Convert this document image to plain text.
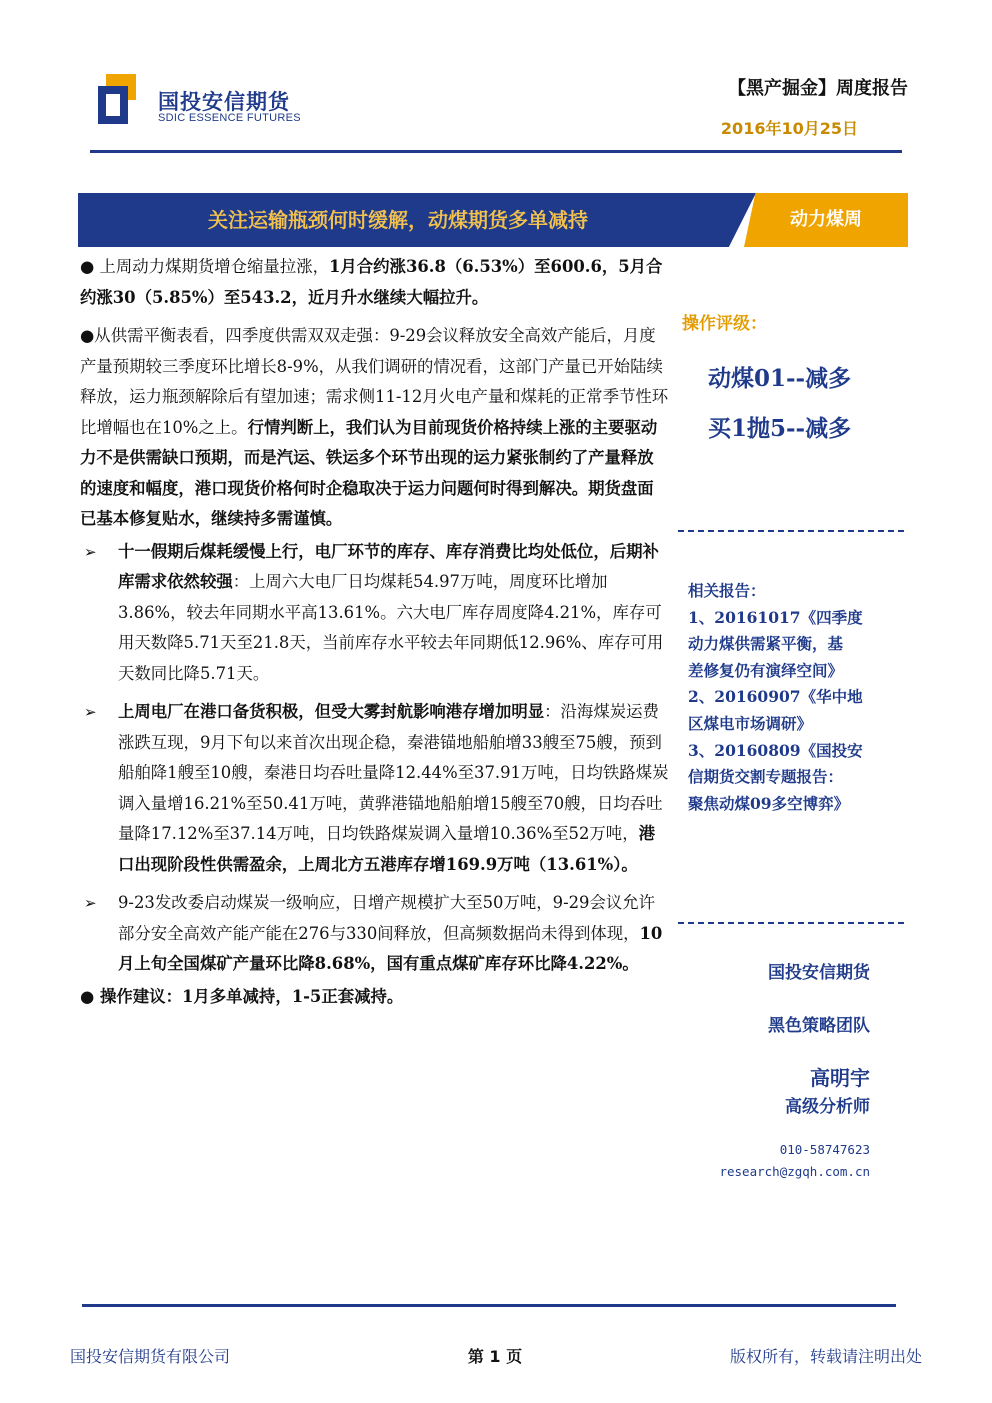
国投安信期货
SDIC ESSENCE FUTURES
【黑产掘金】周度报告
2016年10月25日
关注运输瓶颈何时缓解，动煤期货多单减持	动力煤周

● 上周动力煤期货增仓缩量拉涨，1月合约涨36.8（6.53%）至600.6，5月合约涨30（5.85%）至543.2，近月升水继续大幅拉升。

●从供需平衡表看，四季度供需双双走强：9-29会议释放安全高效产能后，月度产量预期较三季度环比增长8-9%，从我们调研的情况看，这部门产量已开始陆续释放，运力瓶颈解除后有望加速；需求侧11-12月火电产量和煤耗的正常季节性环比增幅也在10%之上。行情判断上，我们认为目前现货价格持续上涨的主要驱动力不是供需缺口预期，而是汽运、铁运多个环节出现的运力紧张制约了产量释放的速度和幅度，港口现货价格何时企稳取决于运力问题何时得到解决。期货盘面已基本修复贴水，继续持多需谨慎。

➢ 十一假期后煤耗缓慢上行，电厂环节的库存、库存消费比均处低位，后期补库需求依然较强：上周六大电厂日均煤耗54.97万吨，周度环比增加3.86%，较去年同期水平高13.61%。六大电厂库存周度降4.21%，库存可用天数降5.71天至21.8天，当前库存水平较去年同期低12.96%、库存可用天数同比降5.71天。
➢ 上周电厂在港口备货积极，但受大雾封航影响港存增加明显：沿海煤炭运费涨跌互现，9月下旬以来首次出现企稳，秦港锚地船舶增33艘至75艘，预到船舶降1艘至10艘，秦港日均吞吐量降12.44%至37.91万吨，日均铁路煤炭调入量增16.21%至50.41万吨，黄骅港锚地船舶增15艘至70艘，日均吞吐量降17.12%至37.14万吨，日均铁路煤炭调入量增10.36%至52万吨，港口出现阶段性供需盈余，上周北方五港库存增169.9万吨（13.61%）。
➢ 9-23发改委启动煤炭一级响应，日增产规模扩大至50万吨，9-29会议允许部分安全高效产能产能在276与330间释放，但高频数据尚未得到体现，10月上旬全国煤矿产量环比降8.68%，国有重点煤矿库存环比降4.22%。

● 操作建议：1月多单减持，1-5正套减持。

操作评级：
动煤01--减多
买1抛5--减多
相关报告：
1、20161017《四季度
动力煤供需紧平衡，基
差修复仍有演绎空间》
2、20160907《华中地
区煤电市场调研》
3、20160809《国投安
信期货交割专题报告：
聚焦动煤09多空博弈》
国投安信期货
黑色策略团队
高明宇
高级分析师
010-58747623
research@zgqh.com.cn
国投安信期货有限公司	第 1 页	版权所有，转载请注明出处
